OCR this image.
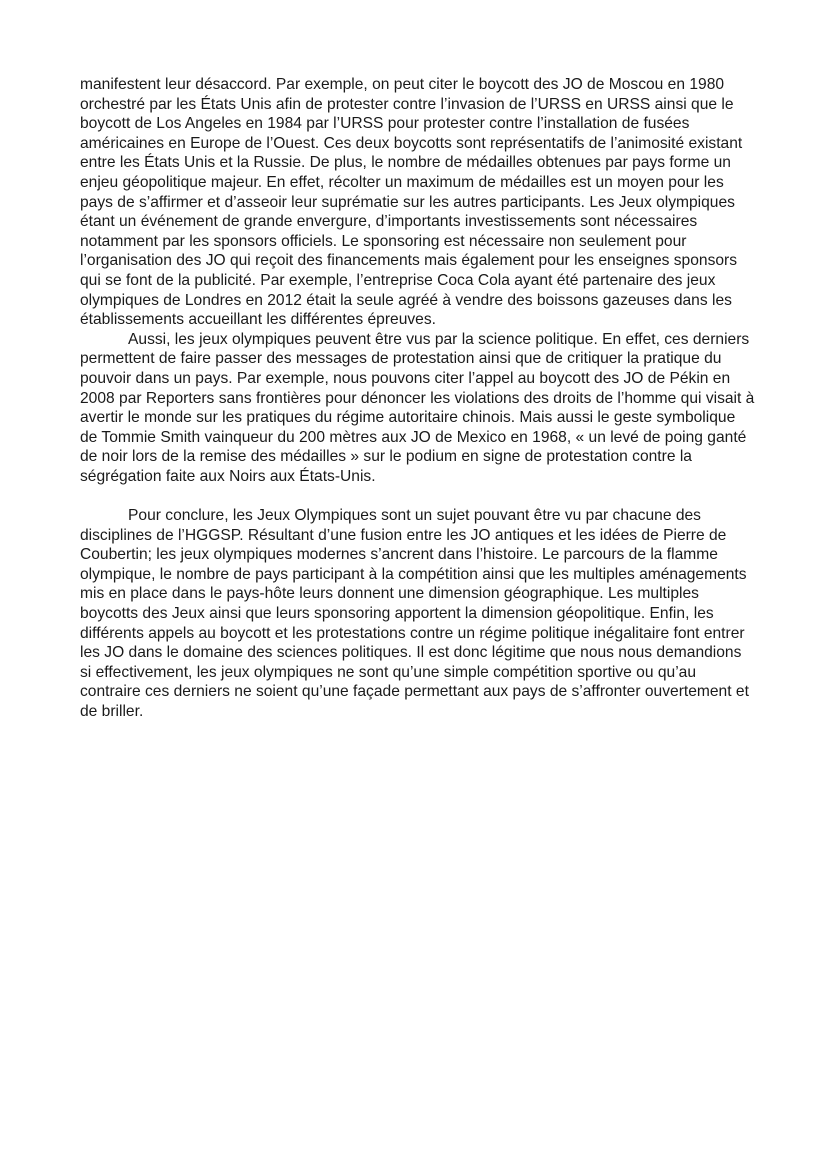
manifestent leur désaccord. Par exemple, on peut citer le boycott des JO de Moscou en 1980 orchestré par les États Unis afin de protester contre l’invasion de l’URSS en URSS ainsi que le boycott de Los Angeles en 1984 par l’URSS pour protester contre l’installation de fusées américaines en Europe de l’Ouest. Ces deux boycotts sont représentatifs de l’animosité existant entre les États Unis et la Russie. De plus, le nombre de médailles obtenues par pays forme un enjeu géopolitique majeur. En effet, récolter un maximum de médailles est un moyen pour les pays de s’affirmer et d’asseoir leur suprématie sur les autres participants. Les Jeux olympiques étant un événement de grande envergure, d’importants investissements sont nécessaires notamment par les sponsors officiels. Le sponsoring est nécessaire non seulement pour l’organisation des JO qui reçoit des financements mais également pour les enseignes sponsors qui se font de la publicité. Par exemple, l’entreprise Coca Cola ayant été partenaire des jeux olympiques de Londres en 2012 était la seule agréé à vendre des boissons gazeuses dans les établissements accueillant les différentes épreuves.

Aussi, les jeux olympiques peuvent être vus par la science politique. En effet, ces derniers permettent de faire passer des messages de protestation ainsi que de critiquer la pratique du pouvoir dans un pays. Par exemple, nous pouvons citer l’appel au boycott des JO de Pékin en 2008 par Reporters sans frontières pour dénoncer les violations des droits de l’homme qui visait à avertir le monde sur les pratiques du régime autoritaire chinois. Mais aussi le geste symbolique de Tommie Smith vainqueur du 200 mètres aux JO de Mexico en 1968, « un levé de poing ganté de noir lors de la remise des médailles » sur le podium en signe de protestation contre la ségrégation faite aux Noirs aux États-Unis.

Pour conclure, les Jeux Olympiques sont un sujet pouvant être vu par chacune des disciplines de l’HGGSP. Résultant d’une fusion entre les JO antiques et les idées de Pierre de Coubertin; les jeux olympiques modernes s’ancrent dans l’histoire. Le parcours de la flamme olympique, le nombre de pays participant à la compétition ainsi que les multiples aménagements mis en place dans le pays-hôte leurs donnent une dimension géographique. Les multiples boycotts des Jeux ainsi que leurs sponsoring apportent la dimension géopolitique. Enfin, les différents appels au boycott et les protestations contre un régime politique inégalitaire font entrer les JO dans le domaine des sciences politiques. Il est donc légitime que nous nous demandions si effectivement, les jeux olympiques ne sont qu’une simple compétition sportive ou qu’au contraire ces derniers ne soient qu’une façade permettant aux pays de s’affronter ouvertement et de briller.
